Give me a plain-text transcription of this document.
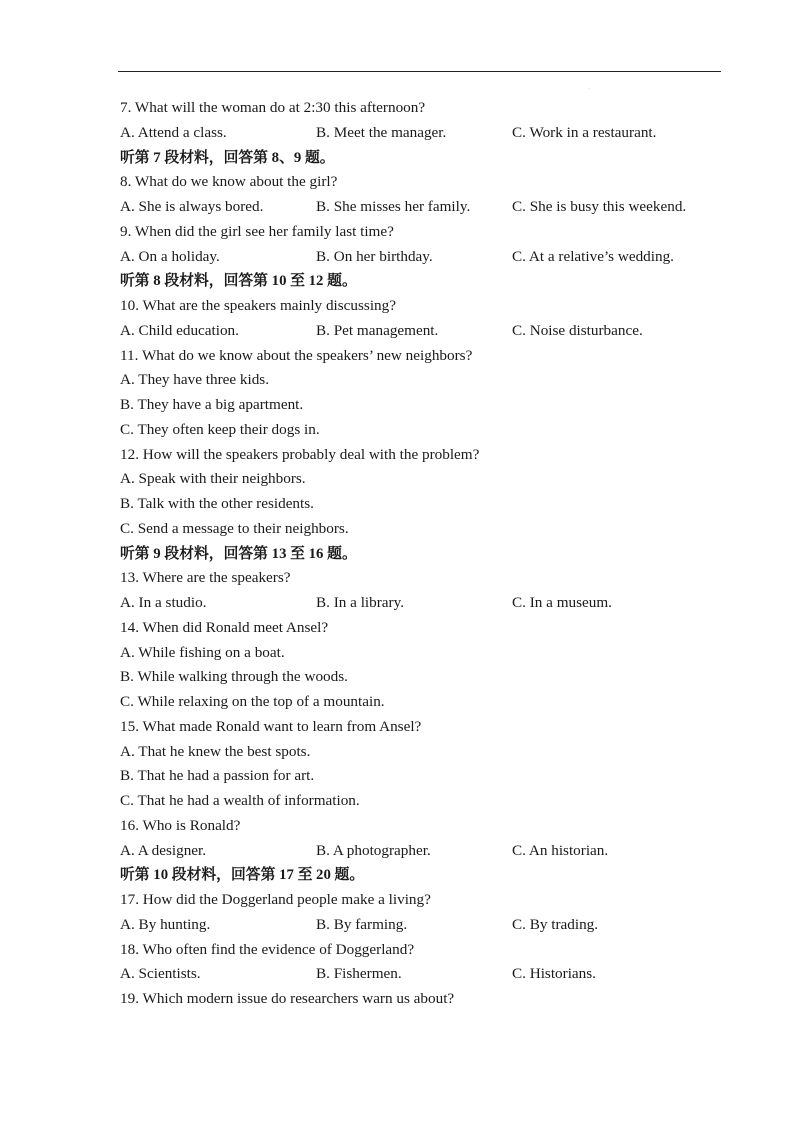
·
7. What will the woman do at 2:30 this afternoon?
A. Attend a class.	B. Meet the manager.	C. Work in a restaurant.
听第 7 段材料，回答第 8、9 题。
8. What do we know about the girl?
A. She is always bored.	B. She misses her family.	C. She is busy this weekend.
9. When did the girl see her family last time?
A. On a holiday.	B. On her birthday.	C. At a relative’s wedding.
听第 8 段材料，回答第 10 至 12 题。
10. What are the speakers mainly discussing?
A. Child education.	B. Pet management.	C. Noise disturbance.
11. What do we know about the speakers’ new neighbors?
A. They have three kids.
B. They have a big apartment.
C. They often keep their dogs in.
12. How will the speakers probably deal with the problem?
A. Speak with their neighbors.
B. Talk with the other residents.
C. Send a message to their neighbors.
听第 9 段材料，回答第 13 至 16 题。
13. Where are the speakers?
A. In a studio.	B. In a library.	C. In a museum.
14. When did Ronald meet Ansel?
A. While fishing on a boat.
B. While walking through the woods.
C. While relaxing on the top of a mountain.
15. What made Ronald want to learn from Ansel?
A. That he knew the best spots.
B. That he had a passion for art.
C. That he had a wealth of information.
16. Who is Ronald?
A. A designer.	B. A photographer.	C. An historian.
听第 10 段材料，回答第 17 至 20 题。
17. How did the Doggerland people make a living?
A. By hunting.	B. By farming.	C. By trading.
18. Who often find the evidence of Doggerland?
A. Scientists.	B. Fishermen.	C. Historians.
19. Which modern issue do researchers warn us about?
